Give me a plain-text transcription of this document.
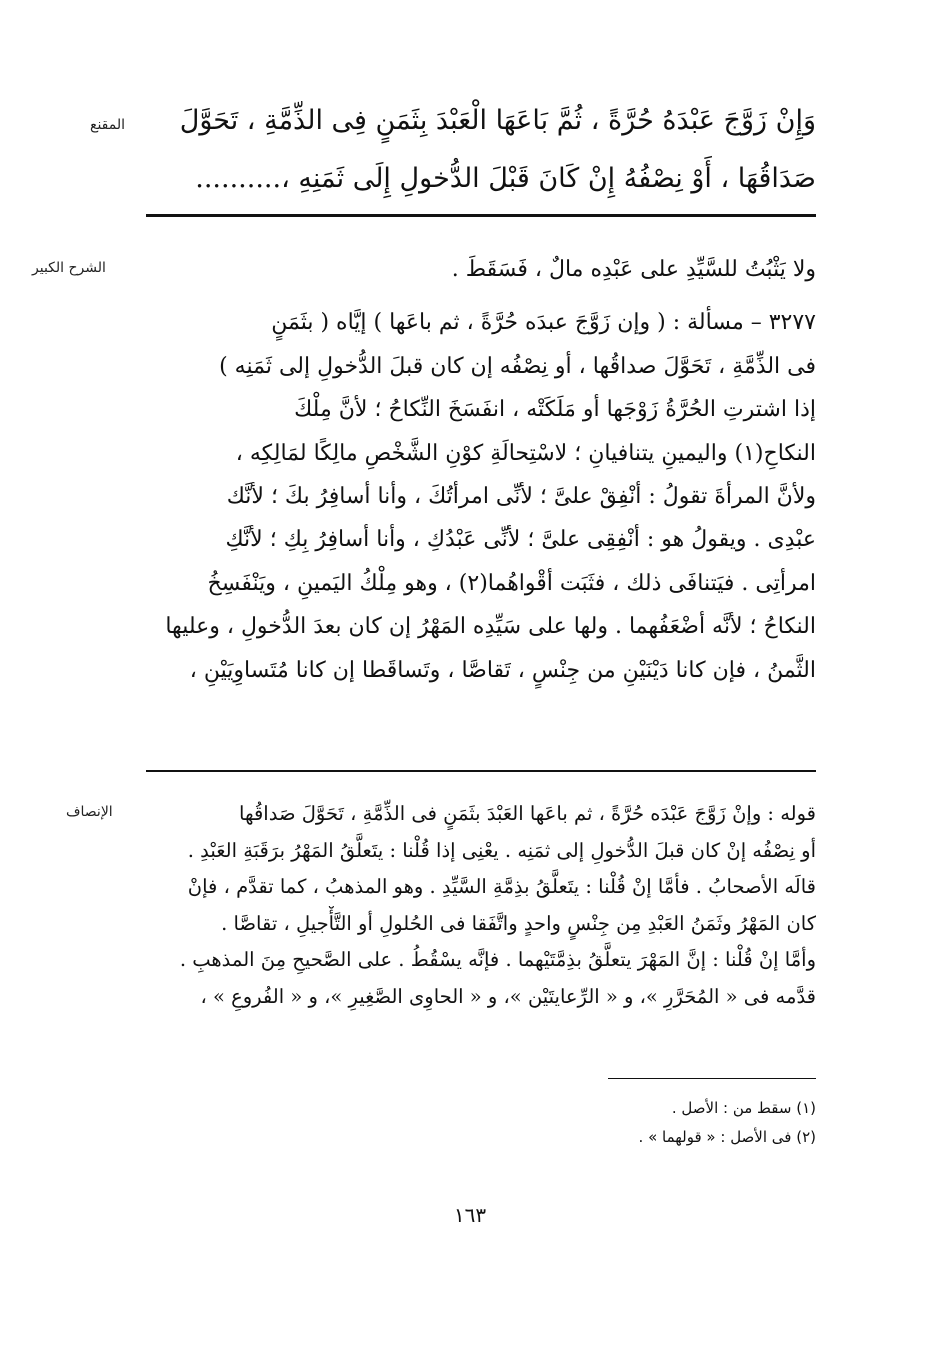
المقنع
الشرح الكبير
الإنصاف
وَإِنْ زَوَّجَ عَبْدَهُ حُرَّةً ، ثُمَّ بَاعَهَا الْعَبْدَ بِثَمَنٍ فِى الذِّمَّةِ ، تَحَوَّلَ
صَدَاقُهَا ، أَوْ نِصْفُهُ إِنْ كَانَ قَبْلَ الدُّخولِ إِلَى ثَمَنِهِ ،..........
ولا يَثْبُتُ للسَّيِّدِ على عَبْدِه مالٌ ، فَسَقَطَ .
٣٢٧٧ – مسألة : ( وإن زَوَّجَ عبدَه حُرَّةً ، ثم باعَها ) إيَّاه ( بثَمَنٍ
فى الذِّمَّةِ ، تَحَوَّلَ صداقُها ، أو نِصْفُه إن كان قبلَ الدُّخولِ إلى ثَمَنِه )
إذا اشترتِ الحُرَّةُ زَوْجَها أو مَلَكَتْه ، انفَسَخَ النِّكاحُ ؛ لأنَّ مِلْكَ
النكاحِ(١) واليمينِ يتنافيانِ ؛ لاسْتِحالَةِ كوْنِ الشَّخْصِ مالِكًا لمَالِكِه ،
ولأنَّ المرأةَ تقولُ : أنْفِقْ علىَّ ؛ لأنِّى امرأتُكَ ، وأنا أسافِرُ بكَ ؛ لأنَّك
عبْدِى . ويقولُ هو : أنْفِقِى علىَّ ؛ لأنِّى عَبْدُكِ ، وأنا أسافِرُ بِكِ ؛ لأنَّكِ
امرأتِى . فيَتنافَى ذلك ، فثَبَت أقْواهُما(٢) ، وهو مِلْكُ اليَمينِ ، ويَنْفَسِخُ
النكاحُ ؛ لأنَّه أضْعَفُهما . ولها على سَيِّدِه المَهْرُ إن كان بعدَ الدُّخولِ ، وعليها
الثَّمنُ ، فإن كانا دَيْنَيْنِ من جِنْسٍ ، تَقاصَّا ، وتَساقَطا إن كانا مُتَساوِيَيْنِ ،
قوله : وإنْ زَوَّجَ عَبْدَه حُرَّةً ، ثم باعَها العَبْدَ بثَمَنٍ فى الذِّمَّةِ ، تَحَوَّلَ صَداقُها
أو نِصْفُه إنْ كان قبلَ الدُّخولِ إلى ثمَنِه . يعْنِى إذا قُلْنا : يتَعلَّقُ المَهْرُ برَقَبَةِ العَبْدِ .
قالَه الأصحابُ . فأمَّا إنْ قُلْنا : يتَعلَّقُ بذِمَّةِ السَّيِّدِ . وهو المذهبُ ، كما تقدَّم ، فإنْ
كان المَهْرُ وثَمَنُ العَبْدِ مِن جِنْسٍ واحدٍ واتَّفَقا فى الحُلولِ أو التَّأْجيلِ ، تقاصَّا .
وأمَّا إنْ قُلْنا : إنَّ المَهْرَ يتعلَّقُ بذِمَّتَيْهما . فإنَّه يسْقُطُ . على الصَّحيحِ مِنَ المذهبِ .
قدَّمه فى « المُحَرَّرِ »، و « الرِّعايتَيْن »، و « الحاوِى الصَّغِيرِ »، و « الفُروعِ » ،
(١) سقط من : الأصل .
(٢) فى الأصل : « قولهما » .
١٦٣
